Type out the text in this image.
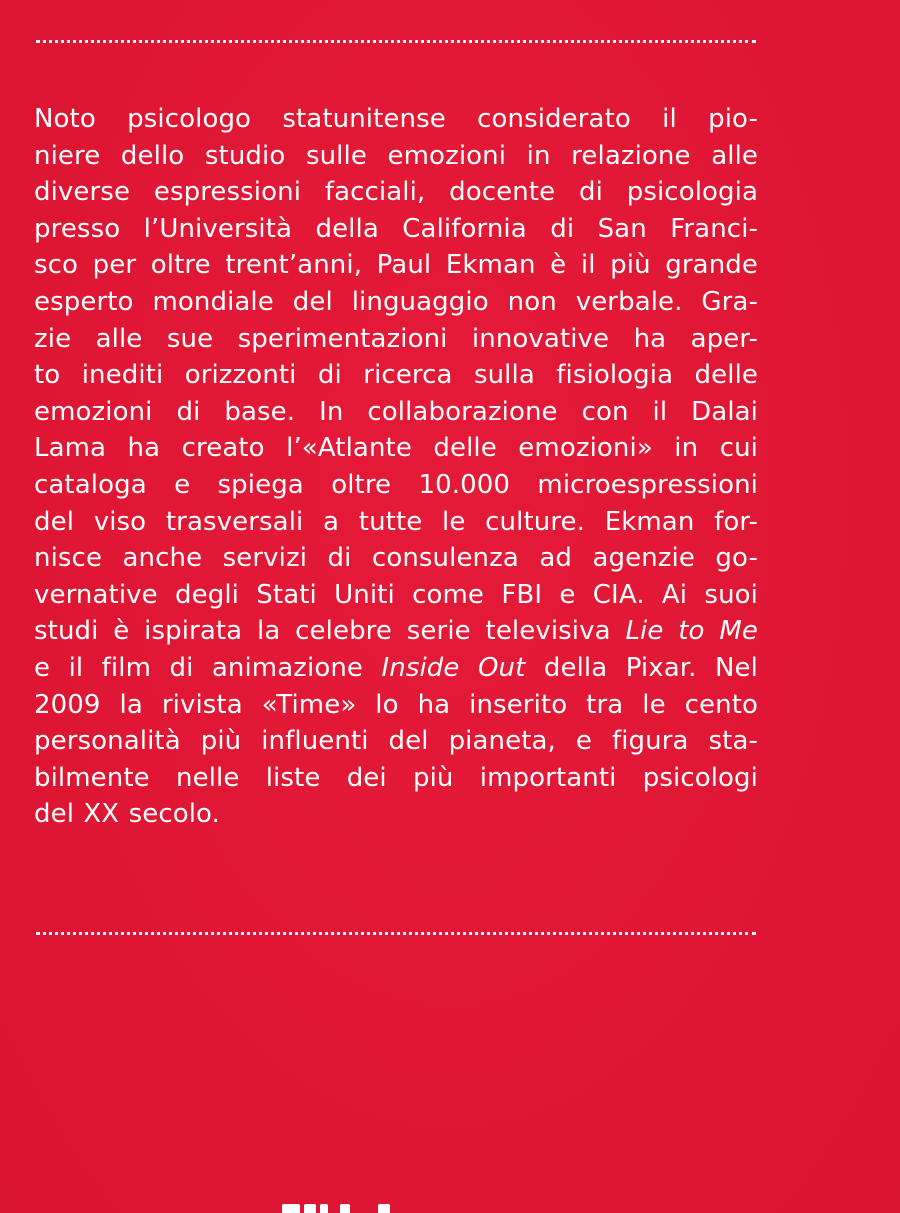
Noto psicologo statunitense considerato il pio-
niere dello studio sulle emozioni in relazione alle
diverse espressioni facciali, docente di psicologia
presso l’Università della California di San Franci-
sco per oltre trent’anni, Paul Ekman è il più grande
esperto mondiale del linguaggio non verbale. Gra-
zie alle sue sperimentazioni innovative ha aper-
to inediti orizzonti di ricerca sulla fisiologia delle
emozioni di base. In collaborazione con il Dalai
Lama ha creato l’«Atlante delle emozioni» in cui
cataloga e spiega oltre 10.000 microespressioni
del viso trasversali a tutte le culture. Ekman for-
nisce anche servizi di consulenza ad agenzie go-
vernative degli Stati Uniti come FBI e CIA. Ai suoi
studi è ispirata la celebre serie televisiva Lie to Me
e il film di animazione Inside Out della Pixar. Nel
2009 la rivista «Time» lo ha inserito tra le cento
personalità più influenti del pianeta, e figura sta-
bilmente nelle liste dei più importanti psicologi
del XX secolo.
